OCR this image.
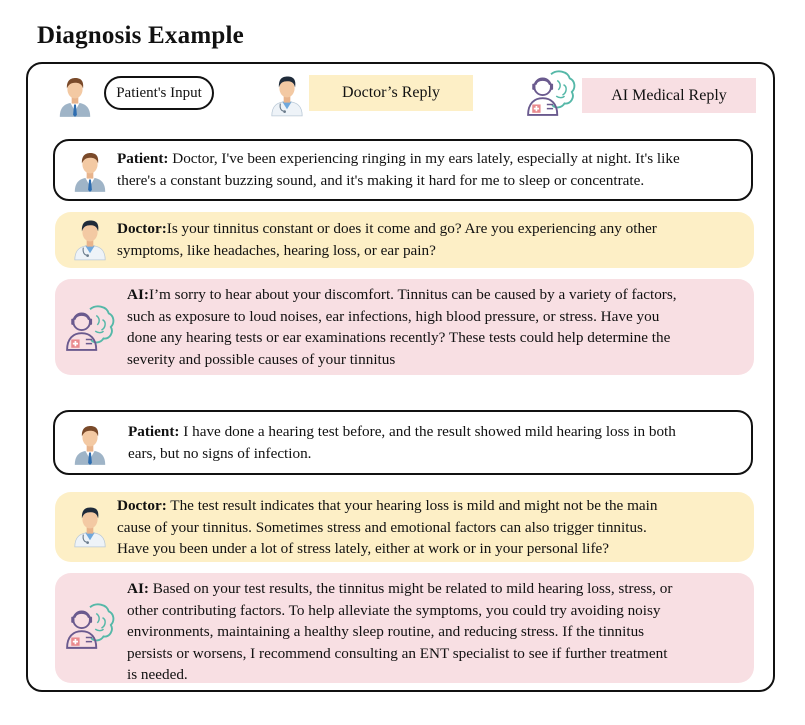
Diagnosis Example
Patient's Input	Doctor’s Reply	AI Medical Reply
Patient: Doctor, I've been experiencing ringing in my ears lately, especially at night. It's like
there's a constant buzzing sound, and it's making it hard for me to sleep or concentrate.
Doctor:Is your tinnitus constant or does it come and go? Are you experiencing any other
symptoms, like headaches, hearing loss, or ear pain?
AI:I’m sorry to hear about your discomfort. Tinnitus can be caused by a variety of factors,
such as exposure to loud noises, ear infections, high blood pressure, or stress. Have you
done any hearing tests or ear examinations recently? These tests could help determine the
severity and possible causes of your tinnitus
Patient: I have done a hearing test before, and the result showed mild hearing loss in both
ears, but no signs of infection.
Doctor: The test result indicates that your hearing loss is mild and might not be the main
cause of your tinnitus. Sometimes stress and emotional factors can also trigger tinnitus.
Have you been under a lot of stress lately, either at work or in your personal life?
AI: Based on your test results, the tinnitus might be related to mild hearing loss, stress, or
other contributing factors. To help alleviate the symptoms, you could try avoiding noisy
environments, maintaining a healthy sleep routine, and reducing stress. If the tinnitus
persists or worsens, I recommend consulting an ENT specialist to see if further treatment
is needed.
